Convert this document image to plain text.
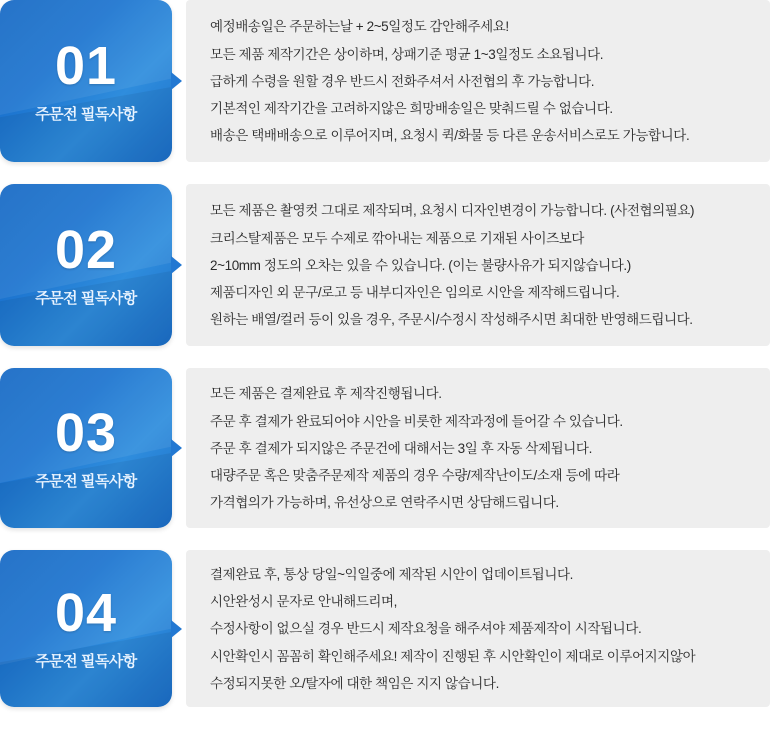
01
주문전 필독사항

예정배송일은 주문하는날 + 2~5일정도 감안해주세요!

모든 제품 제작기간은 상이하며, 상패기준 평균 1~3일정도 소요됩니다.

급하게 수령을 원할 경우 반드시 전화주셔서 사전협의 후 가능합니다.

기본적인 제작기간을 고려하지않은 희망배송일은 맞춰드릴 수 없습니다.

배송은 택배배송으로 이루어지며, 요청시 퀵/화물 등 다른 운송서비스로도 가능합니다.

02
주문전 필독사항

모든 제품은 촬영컷 그대로 제작되며, 요청시 디자인변경이 가능합니다. (사전협의필요)

크리스탈제품은 모두 수제로 깎아내는 제품으로 기재된 사이즈보다

2~10mm 정도의 오차는 있을 수 있습니다. (이는 불량사유가 되지않습니다.)

제품디자인 외 문구/로고 등 내부디자인은 임의로 시안을 제작해드립니다.

원하는 배열/컬러 등이 있을 경우, 주문시/수정시 작성해주시면 최대한 반영해드립니다.

03
주문전 필독사항

모든 제품은 결제완료 후 제작진행됩니다.

주문 후 결제가 완료되어야 시안을 비롯한 제작과정에 들어갈 수 있습니다.

주문 후 결제가 되지않은 주문건에 대해서는 3일 후 자동 삭제됩니다.

대량주문 혹은 맞춤주문제작 제품의 경우 수량/제작난이도/소재 등에 따라

가격협의가 가능하며, 유선상으로 연락주시면 상담해드립니다.

04
주문전 필독사항

결제완료 후, 통상 당일~익일중에 제작된 시안이 업데이트됩니다.

시안완성시 문자로 안내해드리며,

수정사항이 없으실 경우 반드시 제작요청을 해주셔야 제품제작이 시작됩니다.

시안확인시 꼼꼼히 확인해주세요! 제작이 진행된 후 시안확인이 제대로 이루어지지않아

수정되지못한 오/탈자에 대한 책임은 지지 않습니다.
